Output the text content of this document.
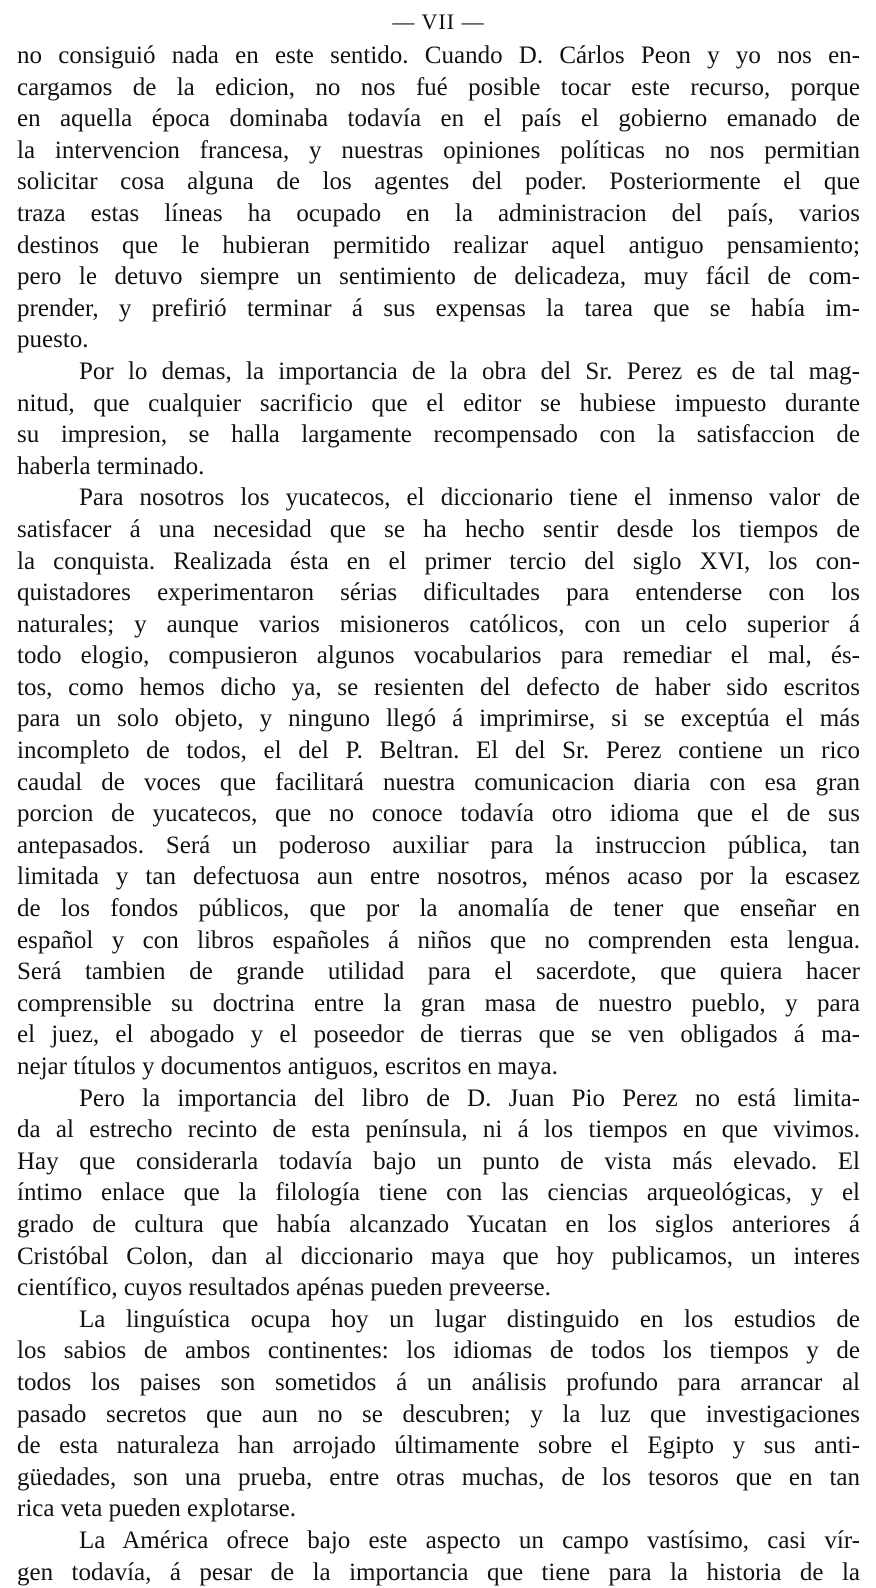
— VII —
no consiguió nada en este sentido. Cuando D. Cárlos Peon y yo nos en-
cargamos de la edicion, no nos fué posible tocar este recurso, porque
en aquella época dominaba todavía en el país el gobierno emanado de
la intervencion francesa, y nuestras opiniones políticas no nos permitian
solicitar cosa alguna de los agentes del poder. Posteriormente el que
traza estas líneas ha ocupado en la administracion del país, varios
destinos que le hubieran permitido realizar aquel antiguo pensamiento;
pero le detuvo siempre un sentimiento de delicadeza, muy fácil de com-
prender, y prefirió terminar á sus expensas la tarea que se había im-
puesto.
Por lo demas, la importancia de la obra del Sr. Perez es de tal mag-
nitud, que cualquier sacrificio que el editor se hubiese impuesto durante
su impresion, se halla largamente recompensado con la satisfaccion de
haberla terminado.
Para nosotros los yucatecos, el diccionario tiene el inmenso valor de
satisfacer á una necesidad que se ha hecho sentir desde los tiempos de
la conquista. Realizada ésta en el primer tercio del siglo XVI, los con-
quistadores experimentaron sérias dificultades para entenderse con los
naturales; y aunque varios misioneros católicos, con un celo superior á
todo elogio, compusieron algunos vocabularios para remediar el mal, és-
tos, como hemos dicho ya, se resienten del defecto de haber sido escritos
para un solo objeto, y ninguno llegó á imprimirse, si se exceptúa el más
incompleto de todos, el del P. Beltran. El del Sr. Perez contiene un rico
caudal de voces que facilitará nuestra comunicacion diaria con esa gran
porcion de yucatecos, que no conoce todavía otro idioma que el de sus
antepasados. Será un poderoso auxiliar para la instruccion pública, tan
limitada y tan defectuosa aun entre nosotros, ménos acaso por la escasez
de los fondos públicos, que por la anomalía de tener que enseñar en
español y con libros españoles á niños que no comprenden esta lengua.
Será tambien de grande utilidad para el sacerdote, que quiera hacer
comprensible su doctrina entre la gran masa de nuestro pueblo, y para
el juez, el abogado y el poseedor de tierras que se ven obligados á ma-
nejar títulos y documentos antiguos, escritos en maya.
Pero la importancia del libro de D. Juan Pio Perez no está limita-
da al estrecho recinto de esta península, ni á los tiempos en que vivimos.
Hay que considerarla todavía bajo un punto de vista más elevado. El
íntimo enlace que la filología tiene con las ciencias arqueológicas, y el
grado de cultura que había alcanzado Yucatan en los siglos anteriores á
Cristóbal Colon, dan al diccionario maya que hoy publicamos, un interes
científico, cuyos resultados apénas pueden preveerse.
La linguística ocupa hoy un lugar distinguido en los estudios de
los sabios de ambos continentes: los idiomas de todos los tiempos y de
todos los paises son sometidos á un análisis profundo para arrancar al
pasado secretos que aun no se descubren; y la luz que investigaciones
de esta naturaleza han arrojado últimamente sobre el Egipto y sus anti-
güedades, son una prueba, entre otras muchas, de los tesoros que en tan
rica veta pueden explotarse.
La América ofrece bajo este aspecto un campo vastísimo, casi vír-
gen todavía, á pesar de la importancia que tiene para la historia de la
